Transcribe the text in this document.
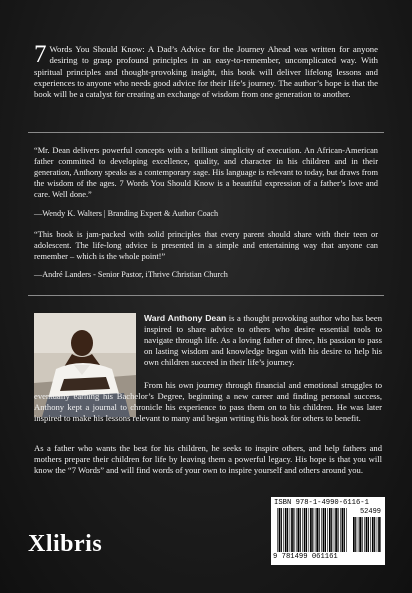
7 Words You Should Know: A Dad’s Advice for the Journey Ahead was written for anyone desiring to grasp profound principles in an easy-to-remember, uncomplicated way. With spiritual principles and thought-provoking insight, this book will deliver lifelong lessons and experiences to anyone who needs good advice for their life’s journey. The author’s hope is that the book will be a catalyst for creating an exchange of wisdom from one generation to another.
“Mr. Dean delivers powerful concepts with a brilliant simplicity of execution. An African-American father committed to developing excellence, quality, and character in his children and in their generation, Anthony speaks as a contemporary sage. His language is relevant to today, but draws from the wisdom of the ages. 7 Words You Should Know is a beautiful expression of a father’s love and care. Well done.”
—Wendy K. Walters | Branding Expert & Author Coach
“This book is jam-packed with solid principles that every parent should share with their teen or adolescent. The life-long advice is presented in a simple and entertaining way that anyone can remember – which is the whole point!”
—André Landers - Senior Pastor, iThrive Christian Church
Ward Anthony Dean is a thought provoking author who has been inspired to share advice to others who desire essential tools to navigate through life. As a loving father of three, his passion to pass on lasting wisdom and knowledge began with his desire to help his own children succeed in their life’s journey.
From his own journey through financial and emotional struggles to eventually earning his Bachelor’s Degree, beginning a new career and finding personal success, Anthony kept a journal to chronicle his experience to pass them on to his children. He was later inspired to make his lessons relevant to many and began writing this book for others to benefit.
As a father who wants the best for his children, he seeks to inspire others, and help fathers and mothers prepare their children for life by leaving them a powerful legacy. His hope is that you will know the “7 Words” and will find words of your own to inspire yourself and others around you.
Xlibris
ISBN 978-1-4990-6116-1
52499
9 781499 061161
